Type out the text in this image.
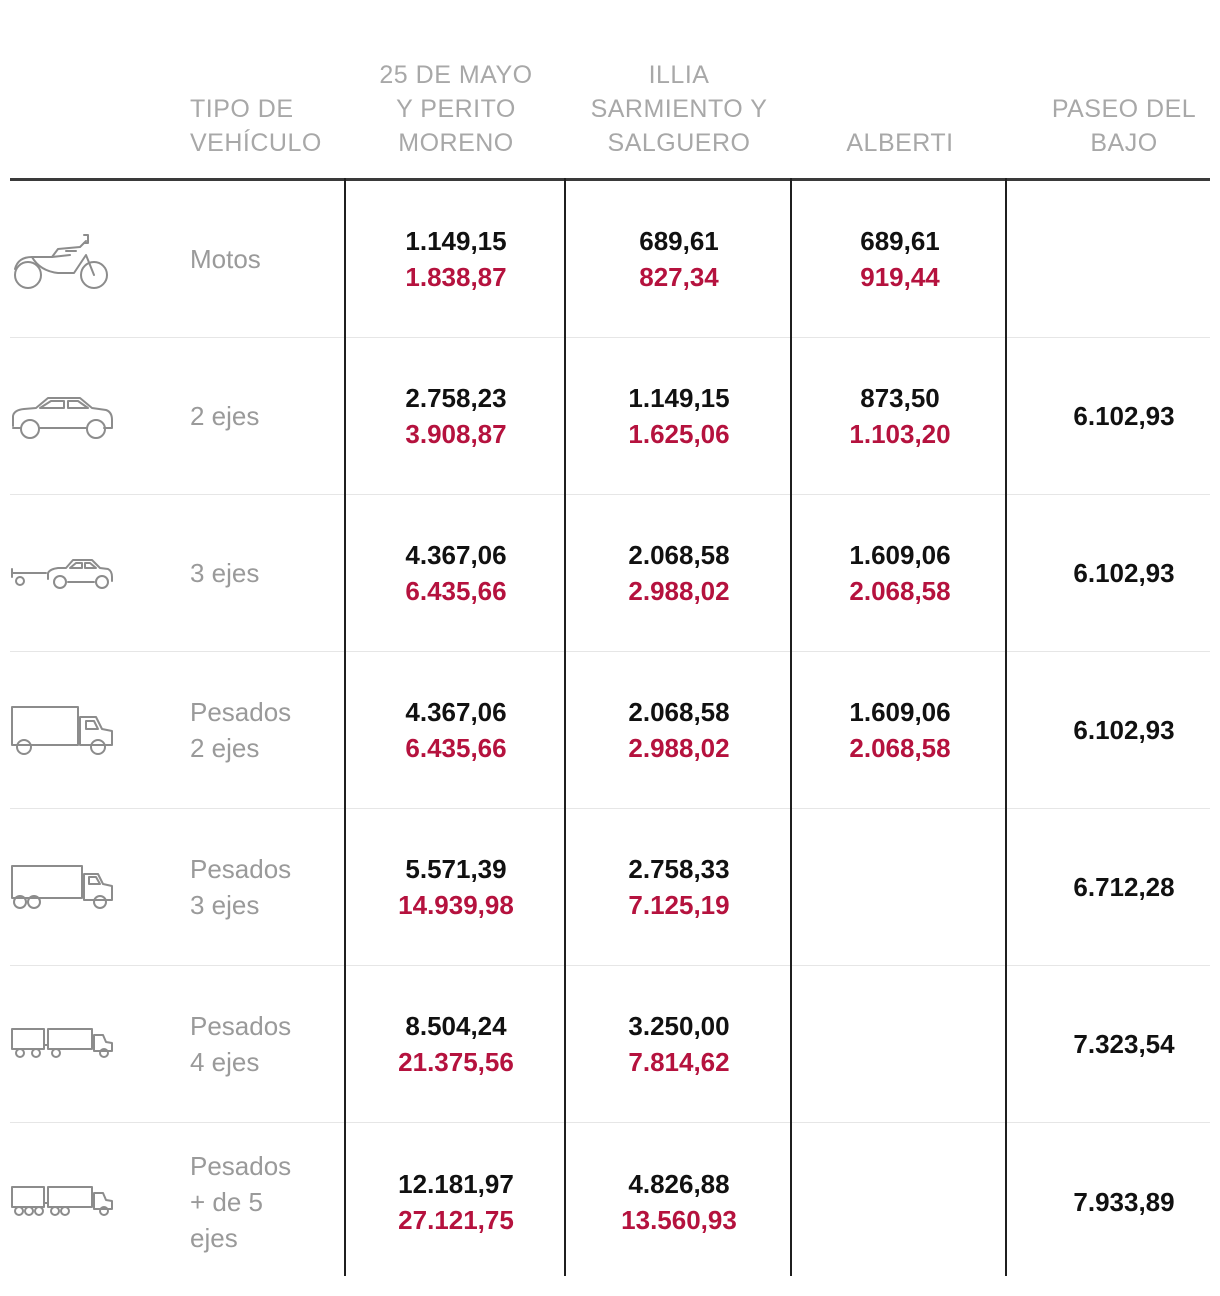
TIPO DE
VEHÍCULO
25 DE MAYO
Y PERITO
MORENO
ILLIA
SARMIENTO Y
SALGUERO	ALBERTI
PASEO DEL
BAJO
Motos
1.149,15
1.838,87
689,61
827,34
689,61
919,44
2 ejes
2.758,23
3.908,87
1.149,15
1.625,06
873,50
1.103,20
6.102,93
3 ejes
4.367,06
6.435,66
2.068,58
2.988,02
1.609,06
2.068,58
6.102,93
Pesados
2 ejes
4.367,06
6.435,66
2.068,58
2.988,02
1.609,06
2.068,58
6.102,93
Pesados
3 ejes
5.571,39
14.939,98
2.758,33
7.125,19
6.712,28
Pesados
4 ejes
8.504,24
21.375,56
3.250,00
7.814,62
7.323,54
Pesados
+ de 5
ejes
12.181,97
27.121,75
4.826,88
13.560,93
7.933,89
